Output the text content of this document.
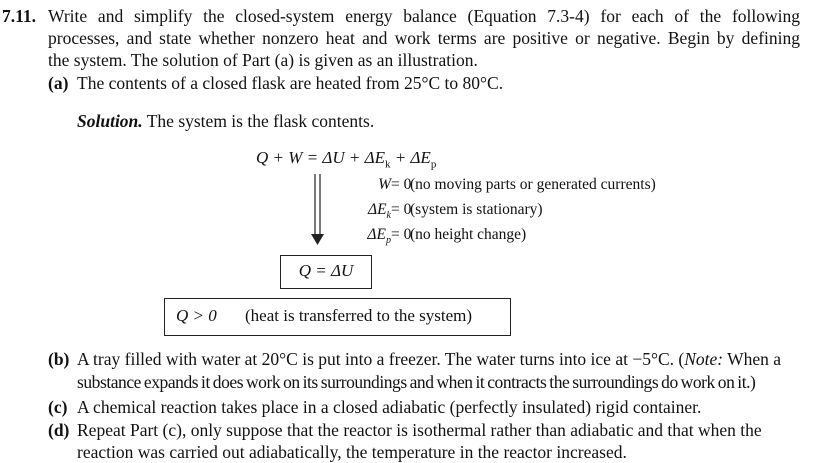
7.11. Write and simplify the closed-system energy balance (Equation 7.3-4) for each of the following
processes, and state whether nonzero heat and work terms are positive or negative. Begin by defining
the system. The solution of Part (a) is given as an illustration.
(a) The contents of a closed flask are heated from 25°C to 80°C.
Solution. The system is the flask contents.
$Q + W = \Delta U + \Delta E_k + \Delta E_p$
W = 0
(no moving parts or generated currents)
$\Delta E_k = 0$
(system is stationary)
$\Delta E_p = 0$
(no height change)
Q = ΔU
Q > 0 (heat is transferred to the system)
(b) A tray filled with water at 20°C is put into a freezer. The water turns into ice at −5°C. (Note: When a
substance expands it does work on its surroundings and when it contracts the surroundings do work on it.)
(c) A chemical reaction takes place in a closed adiabatic (perfectly insulated) rigid container.
(d) Repeat Part (c), only suppose that the reactor is isothermal rather than adiabatic and that when the
reaction was carried out adiabatically, the temperature in the reactor increased.
